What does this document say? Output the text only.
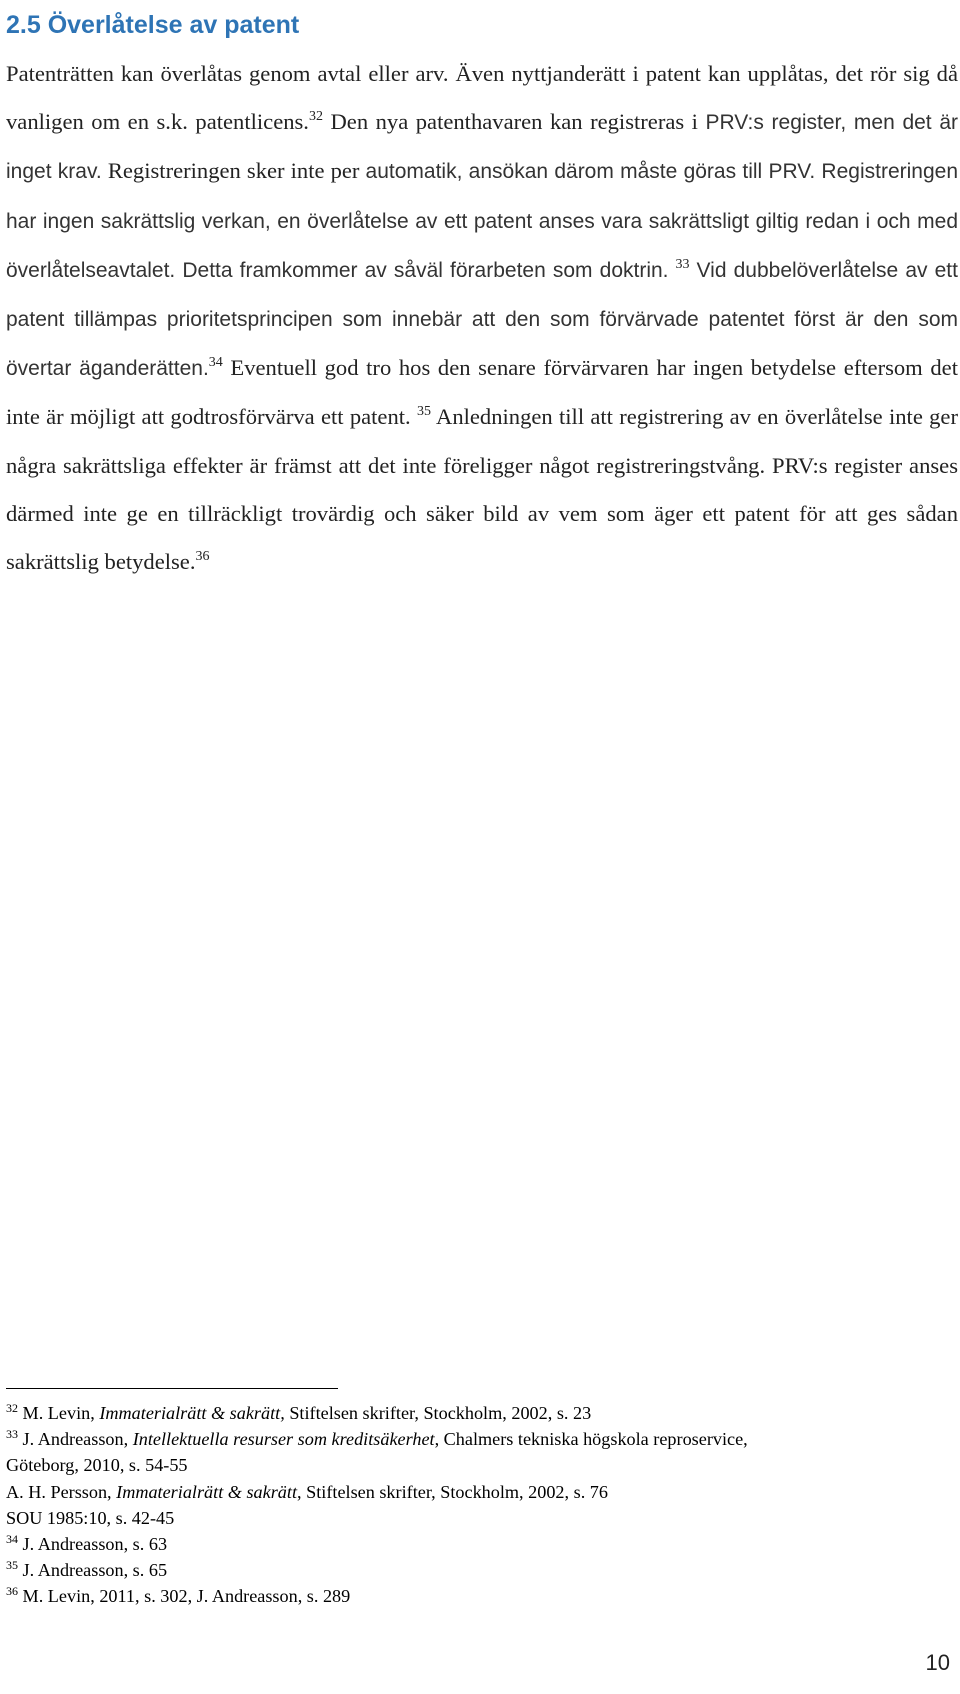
2.5 Överlåtelse av patent

Patenträtten kan överlåtas genom avtal eller arv. Även nyttjanderätt i patent kan upplåtas, det rör sig då vanligen om en s.k. patentlicens.$^{32}$ Den nya patenthavaren kan registreras i PRV:s register, men det är inget krav. Registreringen sker inte per automatik, ansökan därom måste göras till PRV. Registreringen har ingen sakrättslig verkan, en överlåtelse av ett patent anses vara sakrättsligt giltig redan i och med överlåtelseavtalet. Detta framkommer av såväl förarbeten som doktrin. $^{33}$ Vid dubbelöverlåtelse av ett patent tillämpas prioritetsprincipen som innebär att den som förvärvade patentet först är den som övertar äganderätten.$^{34}$ Eventuell god tro hos den senare förvärvaren har ingen betydelse eftersom det inte är möjligt att godtrosförvärva ett patent. $^{35}$ Anledningen till att registrering av en överlåtelse inte ger några sakrättsliga effekter är främst att det inte föreligger något registreringstvång. PRV:s register anses därmed inte ge en tillräckligt trovärdig och säker bild av vem som äger ett patent för att ges sådan sakrättslig betydelse.$^{36}$

$^{32}$ M. Levin, Immaterialrätt & sakrätt, Stiftelsen skrifter, Stockholm, 2002, s. 23
$^{33}$ J. Andreasson, Intellektuella resurser som kreditsäkerhet, Chalmers tekniska högskola reproservice,
Göteborg, 2010, s. 54-55
A. H. Persson, Immaterialrätt & sakrätt, Stiftelsen skrifter, Stockholm, 2002, s. 76
SOU 1985:10, s. 42-45
$^{34}$ J. Andreasson, s. 63
$^{35}$ J. Andreasson, s. 65
$^{36}$ M. Levin, 2011, s. 302, J. Andreasson, s. 289
10
